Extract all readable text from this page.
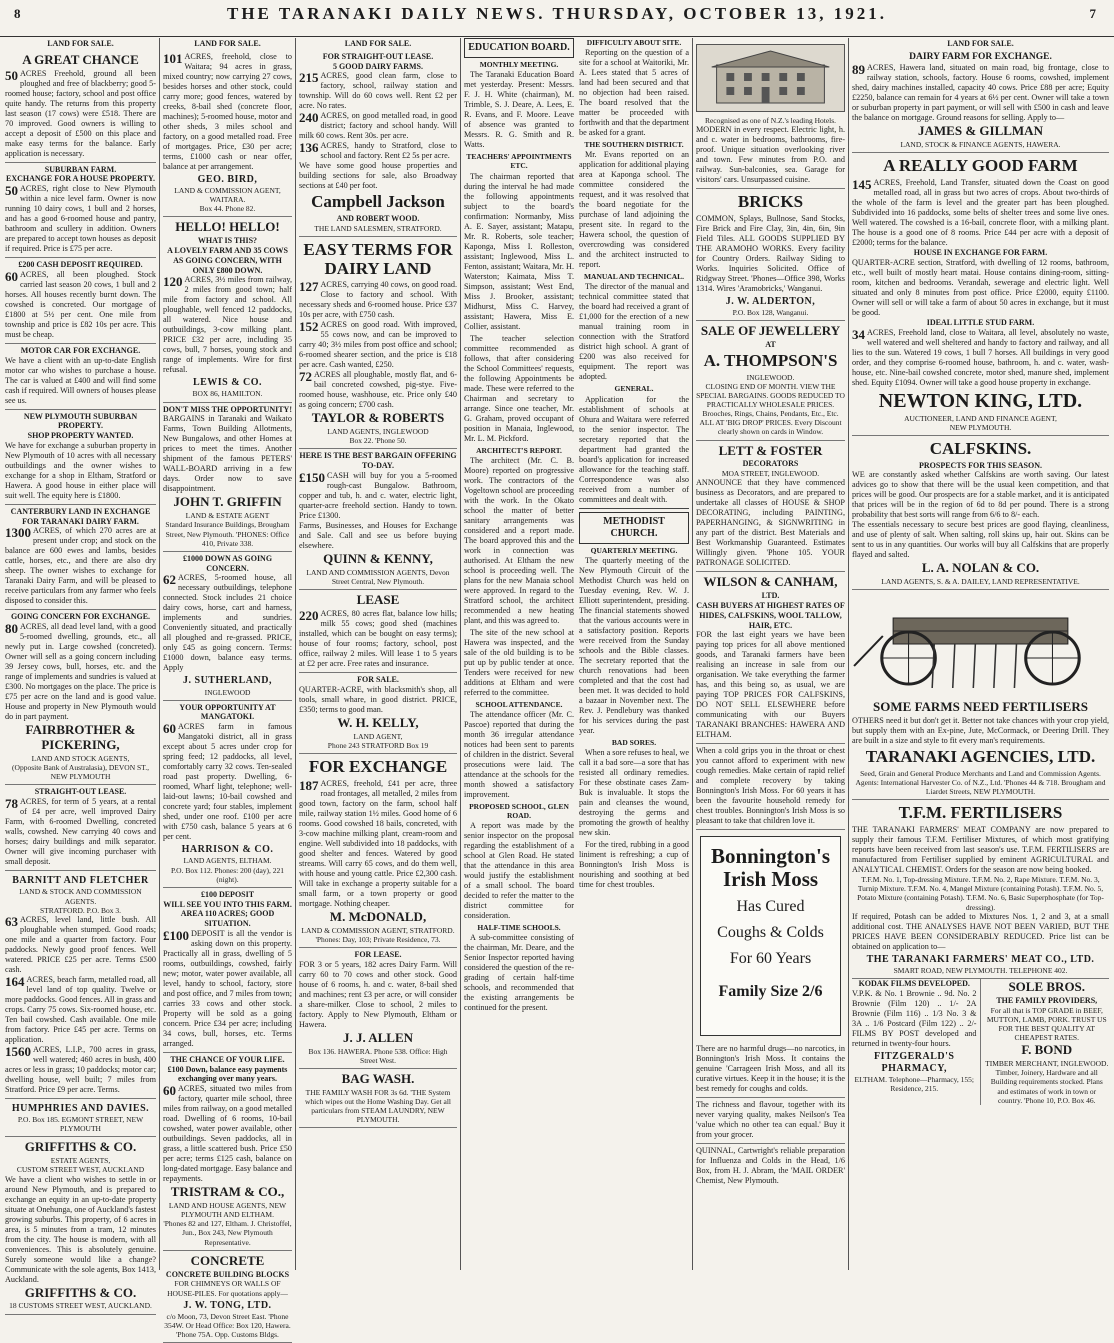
8	THE TARANAKI DAILY NEWS. THURSDAY, OCTOBER 13, 1921.	7
LAND FOR SALE.
A GREAT CHANCE
50 ACRES Freehold, ground all been ploughed and free of blackberry; good 5-roomed house; factory, school and post office quite handy. The returns from this property last season (17 cows) were £518. There are 70 improved. Good owners is willing to accept a deposit of £500 on this place and make easy terms for the balance. Early application is necessary.
SUBURBAN FARM.
EXCHANGE FOR A HOUSE PROPERTY.
50 ACRES, right close to New Plymouth within a nice level farm. Owner is now running 10 dairy cows, 1 bull and 2 horses, and has a good 6-roomed house and pantry, bathroom and scullery in addition. Owners are prepared to accept town houses as deposit if required. Price is £75 per acre.
£200 CASH DEPOSIT REQUIRED.
60 ACRES, all been ploughed. Stock carried last season 20 cows, 1 bull and 2 horses. All houses recently burnt down. The cowshed is concreted. Our mortgage of £1800 at 5½ per cent. One mile from township and price is £82 10s per acre. This must be cheap.
MOTOR CAR FOR EXCHANGE.
We have a client with an up-to-date English motor car who wishes to purchase a house. The car is valued at £400 and will find some cash if required. Will owners of houses please see us.
NEW PLYMOUTH SUBURBAN PROPERTY.
SHOP PROPERTY WANTED.
We have for exchange a suburban property in New Plymouth of 10 acres with all necessary outbuildings and the owner wishes to exchange for a shop in Eltham, Stratford or Hawera. A good house in either place will suit well. The equity here is £1800.
CANTERBURY LAND IN EXCHANGE FOR TARANAKI DAIRY FARM.
1300 ACRES, of which 270 acres are at present under crop; and stock on the balance are 600 ewes and lambs, besides cattle, horses, etc., and there are also dry sheep. The owner wishes to exchange for Taranaki Dairy Farm, and will be pleased to receive particulars from any farmer who feels disposed to consider this.
GOING CONCERN FOR EXCHANGE.
80 ACRES, all dead level land, with a good 5-roomed dwelling, grounds, etc., all newly put in. Large cowshed (concreted). Owner will sell as a going concern including 39 Jersey cows, bull, horses, etc. and the range of implements and sundries is valued at £300. No mortgages on the place. The price is £75 per acre on the land and is good value. House and property in New Plymouth would do in part payment.
FAIRBROTHER & PICKERING,
LAND AND STOCK AGENTS,
(Opposite Bank of Australasia), DEVON ST., NEW PLYMOUTH
STRAIGHT-OUT LEASE.
78 ACRES, for term of 5 years, at a rental of £4 per acre, well improved Dairy Farm, with 6-roomed Dwelling, concreted walls, cowshed. New carrying 40 cows and horses; dairy buildings and milk separator. Owner will give incoming purchaser with small deposit.
BARNITT AND FLETCHER
LAND & STOCK AND COMMISSION AGENTS.
STRATFORD. P.O. Box 3.
63 ACRES, level land, little bush. All ploughable when stumped. Good roads; one mile and a quarter from factory. Four paddocks. Newly good proof fences. Well watered. PRICE £25 per acre. Terms £500 cash.
164 ACRES, beach farm, metalled road, all level land of top quality. Twelve or more paddocks. Good fences. All in grass and crops. Carry 75 cows. Six-roomed house, etc. Ten bail cowshed. Cash available. One mile from factory. Price £45 per acre. Terms on application.
1560 ACRES, L.I.P., 700 acres in grass, well watered; 460 acres in bush, 400 acres or less in grass; 10 paddocks; motor car; dwelling house, well built; 7 miles from Stratford. Price £9 per acre. Terms.
HUMPHRIES AND DAVIES.
P.O. Box 185. EGMONT STREET, NEW PLYMOUTH
GRIFFITHS & CO.
ESTATE AGENTS,
CUSTOM STREET WEST, AUCKLAND
We have a client who wishes to settle in or around New Plymouth, and is prepared to exchange an equity in an up-to-date property situate at Onehunga, one of Auckland's fastest growing suburbs. This property, of 6 acres in area, is 5 minutes from a tram, 12 minutes from the city. The house is modern, with all conveniences. This is absolutely genuine. Surely someone would like a change? Communicate with the sole agents, Box 1413, Auckland.
GRIFFITHS & CO.
18 CUSTOMS STREET WEST, AUCKLAND.
LAND FOR SALE.
101 ACRES, freehold, close to Waitara; 94 acres in grass, mixed country; now carrying 27 cows, besides horses and other stock, could carry more; good fences, watered by creeks, 8-bail shed (concrete floor, machines); 5-roomed house, motor and other sheds, 3 miles school and factory, on a good metalled road. Free of mortgages. Price, £30 per acre; terms, £1000 cash or near offer, balance at per arrangement.
GEO. BIRD,
LAND & COMMISSION AGENT, WAITARA.
Box 44. Phone 82.
HELLO! HELLO!
WHAT IS THIS?
A LOVELY FARM AND 35 COWS AS GOING CONCERN, WITH ONLY £800 DOWN.
120 ACRES, 3½ miles from railway, 2 miles from good town; half mile from factory and school. All ploughable, well fenced 12 paddocks, all watered. Nice house and outbuildings, 3-cow milking plant. PRICE £32 per acre, including 35 cows, bull, 7 horses, young stock and range of implements. Wire for first refusal.
LEWIS & CO.
BOX 86, HAMILTON.
DON'T MISS THE OPPORTUNITY!
BARGAINS in Taranaki and Waikato Farms, Town Building Allotments, New Bungalows, and other Homes at prices to meet the times. Another shipment of the famous PETERS' WALL-BOARD arriving in a few days. Order now to save disappointment.
JOHN T. GRIFFIN
LAND & ESTATE AGENT
Standard Insurance Buildings, Brougham Street, New Plymouth. 'PHONES: Office 410, Private 338.
£1000 DOWN AS GOING CONCERN.
62 ACRES, 5-roomed house, all necessary outbuildings, telephone connected. Stock includes 21 choice dairy cows, horse, cart and harness, implements and sundries. Conveniently situated, and practically all ploughed and re-grassed. PRICE, only £45 as going concern. Terms: £1000 down, balance easy terms. Apply
J. SUTHERLAND,
INGLEWOOD
YOUR OPPORTUNITY AT MANGATOKI.
60 ACRES farm in famous Mangatoki district, all in grass except about 5 acres under crop for spring feed; 12 paddocks, all level, comfortably carry 32 cows. Ten-sealed road past property. Dwelling, 6-roomed, Wharf light, telephone; well-laid-out lawns; 10-bail cowshed and concrete yard; four stables, implement shed, under one roof. £100 per acre with £750 cash, balance 5 years at 6 per cent.
HARRISON & CO.
LAND AGENTS, ELTHAM.
P.O. Box 112. Phones: 200 (day), 221 (night).
£100 DEPOSIT
WILL SEE YOU INTO THIS FARM. AREA 110 ACRES; GOOD SITUATION.
£100 DEPOSIT is all the vendor is asking down on this property. Practically all in grass, dwelling of 5 rooms, outbuildings, cowshed, fairly new; motor, water power available, all level, handy to school, factory, store and post office, and 7 miles from town; carries 33 cows and other stock. Property will be sold as a going concern. Price £34 per acre; including 34 cows, bull, horses, etc. Terms arranged.
THE CHANCE OF YOUR LIFE.
£100 Down, balance easy payments exchanging over many years.
60 ACRES, situated two miles from factory, quarter mile school, three miles from railway, on a good metalled road. Dwelling of 6 rooms, 10-bail cowshed, water power available, other outbuildings. Seven paddocks, all in grass, a little scattered bush. Price £50 per acre; terms £125 cash, balance on long-dated mortgage. Easy balance and repayments.
TRISTRAM & CO.,
LAND AND HOUSE AGENTS, NEW PLYMOUTH AND ELTHAM.
'Phones 82 and 127, Eltham. J. Christoffel, Jun., Box 243, New Plymouth Representative.
CONCRETE
CONCRETE BUILDING BLOCKS
FOR CHIMNEYS OR WALLS OF HOUSE-PILES. For quotations apply—
J. W. TONG, LTD.
c/o Moon, 73, Devon Street East. 'Phone 354W. Or Head Office: Box 120, Hawera. 'Phone 75A. Opp. Customs Bldgs.
LAND FOR SALE.
FOR STRAIGHT-OUT LEASE.
5 GOOD DAIRY FARMS.
215 ACRES, good clean farm, close to factory, school, railway station and township. Will do 60 cows well. Rent £2 per acre. No rates.
240 ACRES, on good metalled road, in good district; factory and school handy. Will milk 60 cows. Rent 30s. per acre.
136 ACRES, handy to Stratford, close to school and factory. Rent £2 5s per acre.
We have some good house properties and building sections for sale, also Broadway sections at £40 per foot.
Campbell Jackson
AND ROBERT WOOD.
THE LAND SALESMEN, STRATFORD.
EASY TERMS FOR DAIRY LAND
127 ACRES, carrying 40 cows, on good road. Close to factory and school. With necessary sheds and 6-roomed house. Price £37 10s per acre, with £750 cash.
152 ACRES on good road. With improved, 55 cows now, and can be improved to carry 40; 3½ miles from post office and school; 6-roomed shearer section, and the price is £18 per acre. Cash wanted, £250.
72 ACRES all ploughable, mostly flat, and 6-bail concreted cowshed, pig-stye. Five-roomed house, washhouse, etc. Price only £40 as going concern; £700 cash.
TAYLOR & ROBERTS
LAND AGENTS, INGLEWOOD
Box 22. 'Phone 50.
HERE IS THE BEST BARGAIN OFFERING TO-DAY.
£150 CASH will buy for you a 5-roomed rough-cast Bungalow. Bathroom, copper and tub, h. and c. water, electric light, quarter-acre freehold section. Handy to town. Price £1300.
Farms, Businesses, and Houses for Exchange and Sale. Call and see us before buying elsewhere.
QUINN & KENNY,
LAND AND COMMISSION AGENTS, Devon Street Central, New Plymouth.
LEASE
220 ACRES, 80 acres flat, balance low hills; milk 55 cows; good shed (machines installed, which can be bought on easy terms); house of four rooms; factory, school, post office, railway 2 miles. Will lease 1 to 5 years at £2 per acre. Free rates and insurance.
FOR SALE.
QUARTER-ACRE, with blacksmith's shop, all tools, small whare, in good district. PRICE, £350; terms to good man.
W. H. KELLY,
LAND AGENT,
Phone 243 STRATFORD Box 19
FOR EXCHANGE
187 ACRES, freehold, £41 per acre, three road frontages, all metalled, 2 miles from good town, factory on the farm, school half mile, railway station 1½ miles. Good home of 6 rooms. Good cowshed 18 bails, concreted, with 3-cow machine milking plant, cream-room and engine. Well subdivided into 18 paddocks, with good shelter and fences. Watered by good streams. Will carry 65 cows, and do them well, with house and young cattle. Price £2,300 cash. Will take in exchange a property suitable for a small farm, or a town property or good mortgage. Nothing cheaper.
M. McDONALD,
LAND & COMMISSION AGENT, STRATFORD.
'Phones: Day, 103; Private Residence, 73.
FOR LEASE.
FOR 3 or 5 years, 182 acres Dairy Farm. Will carry 60 to 70 cows and other stock. Good house of 6 rooms, h. and c. water, 8-bail shed and machines; rent £3 per acre, or will consider a share-milker. Close to school, 2 miles to factory. Apply to New Plymouth, Eltham or Hawera.
J. J. ALLEN
Box 136. HAWERA. Phone 538. Office: High Street West.
BAG WASH.
THE FAMILY WASH FOR 3s 6d. 'THE System which wipes out the Home Washing Day. Get all particulars from STEAM LAUNDRY, NEW PLYMOUTH.
EDUCATION BOARD.
MONTHLY MEETING.

The Taranaki Education Board met yesterday. Present: Messrs. F. J. H. White (chairman), M. Trimble, S. J. Deare, A. Lees, E. R. Evans, and F. Moore. Leave of absence was granted to Messrs. R. G. Smith and R. Watts.

TEACHERS' APPOINTMENTS ETC.

The chairman reported that during the interval he had made the following appointments subject to the board's confirmation: Normanby, Miss A. E. Sayer, assistant; Matapu, Mr. R. Roberts, sole teacher; Kaponga, Miss I. Rolleston, assistant; Inglewood, Miss L. Fenton, assistant; Waitara, Mr. H. Waterston; Kaimata, Miss T. Simpson, assistant; West End, Miss J. Brooker, assistant; Midhurst, Miss C. Harvey, assistant; Hawera, Miss E. Collier, assistant.

The teacher selection committee recommended as follows, that after considering the School Committees' requests, the following Appointments be made. These were referred to the Chairman and secretary to arrange. Since one teacher, Mr. G. Graham, proved occupant of position in Manaia, Inglewood, Mr. L. M. Pickford.

ARCHITECT'S REPORT.

The architect (Mr. C. B. Moore) reported on progressive work. The contractors of the Vogeltown school are proceeding with the work. In the Okato school the matter of better sanitary arrangements was considered and a report made. The board approved this and the work in connection was authorised. At Eltham the new school is proceeding well. The plans for the new Manaia school were approved. In regard to the Stratford school, the architect recommended a new heating plant, and this was agreed to.

The site of the new school at Hawera was inspected, and the sale of the old building is to be put up by public tender at once. Tenders were received for new additions at Eltham and were referred to the committee.

SCHOOL ATTENDANCE.

The attendance officer (Mr. C. Pascoe) reported that during the month 36 irregular attendance notices had been sent to parents of children in the district. Several prosecutions were laid. The attendance at the schools for the month showed a satisfactory improvement.

PROPOSED SCHOOL, GLEN ROAD.

A report was made by the senior inspector on the proposal regarding the establishment of a school at Glen Road. He stated that the attendance in this area would justify the establishment of a small school. The board decided to refer the matter to the district committee for consideration.

HALF-TIME SCHOOLS.

A sub-committee consisting of the chairman, Mr. Deare, and the Senior Inspector reported having considered the question of the re-grading of certain half-time schools, and recommended that the existing arrangements be continued for the present.

DIFFICULTY ABOUT SITE.

Reporting on the question of a site for a school at Waitoriki, Mr. A. Lees stated that 5 acres of land had been secured and that no objection had been raised. The board resolved that the matter be proceeded with forthwith and that the department be asked for a grant.

THE SOUTHERN DISTRICT.

Mr. Evans reported on an application for additional playing area at Kaponga school. The committee considered the request, and it was resolved that the board negotiate for the purchase of land adjoining the present site. In regard to the Hawera school, the question of overcrowding was considered and the architect instructed to report.

MANUAL AND TECHNICAL.

The director of the manual and technical committee stated that the board had received a grant of £1,000 for the erection of a new manual training room in connection with the Stratford district high school. A grant of £200 was also received for equipment. The report was adopted.

GENERAL.

Application for the establishment of schools at Ohura and Waitara were referred to the senior inspector. The secretary reported that the department had granted the board's application for increased allowance for the teaching staff. Correspondence was also received from a number of committees and dealt with.

METHODIST CHURCH.
QUARTERLY MEETING.

The quarterly meeting of the New Plymouth Circuit of the Methodist Church was held on Tuesday evening, Rev. W. J. Elliott superintendent, presiding. The financial statements showed that the various accounts were in a satisfactory position. Reports were received from the Sunday schools and the Bible classes. The secretary reported that the church renovations had been completed and that the cost had been met. It was decided to hold a bazaar in November next. The Rev. J. Pendlebury was thanked for his services during the past year.

BAD SORES.

When a sore refuses to heal, we call it a bad sore—a sore that has resisted all ordinary remedies. For these obstinate cases Zam-Buk is invaluable. It stops the pain and cleanses the wound, destroying the germs and promoting the growth of healthy new skin.

For the tired, rubbing in a good liniment is refreshing; a cup of Bonnington's Irish Moss is nourishing and soothing at bed time for chest troubles.

Recognised as one of N.Z.'s leading Hotels.
MODERN in every respect. Electric light, h. and c. water in bedrooms, bathrooms, fire-proof. Unique situation overlooking river and town. Few minutes from P.O. and railway. Sun-balconies, sea. Garage for visitors' cars. Unsurpassed cuisine.
BRICKS
COMMON, Splays, Bullnose, Sand Stocks, Fire Brick and Fire Clay, 3in, 4in, 6in, 9in Field Tiles. ALL GOODS SUPPLIED BY THE ARAMOHO WORKS. Every facility for Country Orders. Railway Siding to Works. Inquiries Solicited. Office of Ridgway Street. 'Phones—Office 398, Works 1314. Wires 'Aramobricks,' Wanganui.
J. W. ALDERTON,
P.O. Box 128, Wanganui.
SALE OF JEWELLERY
AT
A. THOMPSON'S
INGLEWOOD.
CLOSING END OF MONTH. VIEW THE SPECIAL BARGAINS. GOODS REDUCED TO PRACTICALLY WHOLESALE PRICES. Brooches, Rings, Chains, Pendants, Etc., Etc. ALL AT 'BIG DROP' PRICES. Every Discount clearly shown on cards in Window.
LETT & FOSTER
DECORATORS
MOA STREET, INGLEWOOD.
ANNOUNCE that they have commenced business as Decorators, and are prepared to undertake all classes of HOUSE & SHOP DECORATING, including PAINTING, PAPERHANGING, & SIGNWRITING in any part of the district. Best Materials and Best Workmanship Guaranteed. Estimates Willingly given. 'Phone 105. YOUR PATRONAGE SOLICITED.
WILSON & CANHAM,
LTD.
CASH BUYERS AT HIGHEST RATES OF HIDES, CALFSKINS, WOOL TALLOW, HAIR, ETC.
FOR the last eight years we have been paying top prices for all above mentioned goods, and Taranaki farmers have been realising an increase in sale from our organisation. We take everything the farmer has, and this being so, as usual, we are paying TOP PRICES FOR CALFSKINS, DO NOT SELL ELSEWHERE before communicating with our Buyers TARANAKI BRANCHES: HAWERA AND ELTHAM.
When a cold grips you in the throat or chest you cannot afford to experiment with new cough remedies. Make certain of rapid relief and complete recovery by taking Bonnington's Irish Moss. For 60 years it has been the favourite household remedy for chest troubles. Bonnington's Irish Moss is so pleasant to take that children love it.
Bonnington's
Irish Moss
Has Cured
Coughs & Colds
For 60 Years
Family Size 2/6
There are no harmful drugs—no narcotics, in Bonnington's Irish Moss. It contains the genuine 'Carrageen Irish Moss, and all its curative virtues. Keep it in the house; it is the best remedy for coughs and colds.
The richness and flavour, together with its never varying quality, makes Neilson's Tea 'value which no other tea can equal.' Buy it from your grocer.
QUINNAL, Cartwright's reliable preparation for Influenza and Colds in the Head, 1/6 Box, from H. J. Abram, the 'MAIL ORDER' Chemist, New Plymouth.
LAND FOR SALE.
DAIRY FARM FOR EXCHANGE.
89 ACRES, Hawera land, situated on main road, big frontage, close to railway station, schools, factory. House 6 rooms, cowshed, implement shed, dairy machines installed, capacity 40 cows. Price £88 per acre; Equity £2250, balance can remain for 4 years at 6½ per cent. Owner will take a town or suburban property in part payment, or will sell with £500 in cash and leave the balance on mortgage. Ground reasons for selling. Apply to—
JAMES & GILLMAN
LAND, STOCK & FINANCE AGENTS, HAWERA.
A REALLY GOOD FARM
145 ACRES, Freehold, Land Transfer, situated down the Coast on good metalled road, all in grass but two acres of crops. About two-thirds of the whole of the farm is level and the greater part has been ploughed. Subdivided into 16 paddocks, some belts of shelter trees and some live ones. Well watered. The cowshed is a 16-bail, concrete floor, with a milking plant. The house is a good one of 8 rooms. Price £44 per acre with a deposit of £2000; terms for the balance.
HOUSE IN EXCHANGE FOR FARM.
QUARTER-ACRE section, Stratford, with dwelling of 12 rooms, bathroom, etc., well built of mostly heart matai. House contains dining-room, sitting-room, kitchen and bedrooms. Verandah, sewerage and electric light. Well situated and only 8 minutes from post office. Price £2000, equity £1100. Owner will sell or will take a farm of about 50 acres in exchange, but it must be good.
IDEAL LITTLE STUD FARM.
34 ACRES, Freehold land, close to Waitara, all level, absolutely no waste, well watered and well sheltered and handy to factory and railway, and all lies to the sun. Watered 19 cows, 1 bull 7 horses. All buildings in very good order, and they comprise 6-roomed house, bathroom, h. and c. water, wash-house, etc. Nine-bail cowshed concrete, motor shed, manure shed, implement shed. Equity £1094. Owner will take a good house property in exchange.
NEWTON KING, LTD.
AUCTIONEER, LAND AND FINANCE AGENT,
NEW PLYMOUTH.
CALFSKINS.
PROSPECTS FOR THIS SEASON.
WE are constantly asked whether Calfskins are worth saving. Our latest advices go to show that there will be the usual keen competition, and that prices will be good. Our prospects are for a stable market, and it is anticipated that prices will be in the region of 6d to 8d per pound. There is a strong probability that best sorts will range from 6/6 to 8/- each.
The essentials necessary to secure best prices are good flaying, cleanliness, and use of plenty of salt. When salting, roll skins up, hair out. Skins can be sent to us in any quantities. Our works will buy all Calfskins that are properly flayed and salted.
L. A. NOLAN & CO.
LAND AGENTS, S. & A. DAILEY, LAND REPRESENTATIVE.
SOME FARMS NEED FERTILISERS
OTHERS need it but don't get it. Better not take chances with your crop yield, but supply them with an Ex-pine, Jute, McCormack, or Deering Drill. They are built in a size and style to fit every man's requirements.
TARANAKI AGENCIES, LTD.
Seed, Grain and General Produce Merchants and Land and Commission Agents.
Agents: International Harvester Co. of N.Z., Ltd. 'Phones 44 & 718. Brougham and Liardet Streets, NEW PLYMOUTH.
T.F.M. FERTILISERS
THE TARANAKI FARMERS' MEAT COMPANY are now prepared to supply their famous T.F.M. Fertiliser Mixtures, of which most gratifying reports have been received from last season's use. T.F.M. FERTILISERS are manufactured from Fertiliser supplied by eminent AGRICULTURAL and ANALYTICAL CHEMIST. Orders for the season are now being booked.
T.F.M. No. 1, Top-dressing Mixture. T.F.M. No. 2, Rape Mixture. T.F.M. No. 3, Turnip Mixture. T.F.M. No. 4, Mangel Mixture (containing Potash). T.F.M. No. 5, Potato Mixture (containing Potash). T.F.M. No. 6, Basic Superphosphate (for Top-dressing).
If required, Potash can be added to Mixtures Nos. 1, 2 and 3, at a small additional cost. THE ANALYSES HAVE NOT BEEN VARIED, BUT THE PRICES HAVE BEEN CONSIDERABLY REDUCED. Price list can be obtained on application to—
THE TARANAKI FARMERS' MEAT CO., LTD.
SMART ROAD, NEW PLYMOUTH. TELEPHONE 402.
KODAK FILMS DEVELOPED.
V.P.K. & No. 1 Brownie .. 9d. No. 2 Brownie (Film 120) .. 1/- 2A Brownie (Film 116) .. 1/3 No. 3 & 3A .. 1/6 Postcard (Film 122) .. 2/- FILMS BY POST developed and returned in twenty-four hours.
FITZGERALD'S PHARMACY,
ELTHAM. Telephone—Pharmacy, 155; Residence, 215.
SOLE BROS.
THE FAMILY PROVIDERS,
For all that is TOP GRADE in BEEF, MUTTON, LAMB, PORK. TRUST US FOR THE BEST QUALITY AT CHEAPEST RATES.
F. BOND
TIMBER MERCHANT, INGLEWOOD.
Timber, Joinery, Hardware and all Building requirements stocked. Plans and estimates of work in town or country. 'Phone 10, P.O. Box 46.
